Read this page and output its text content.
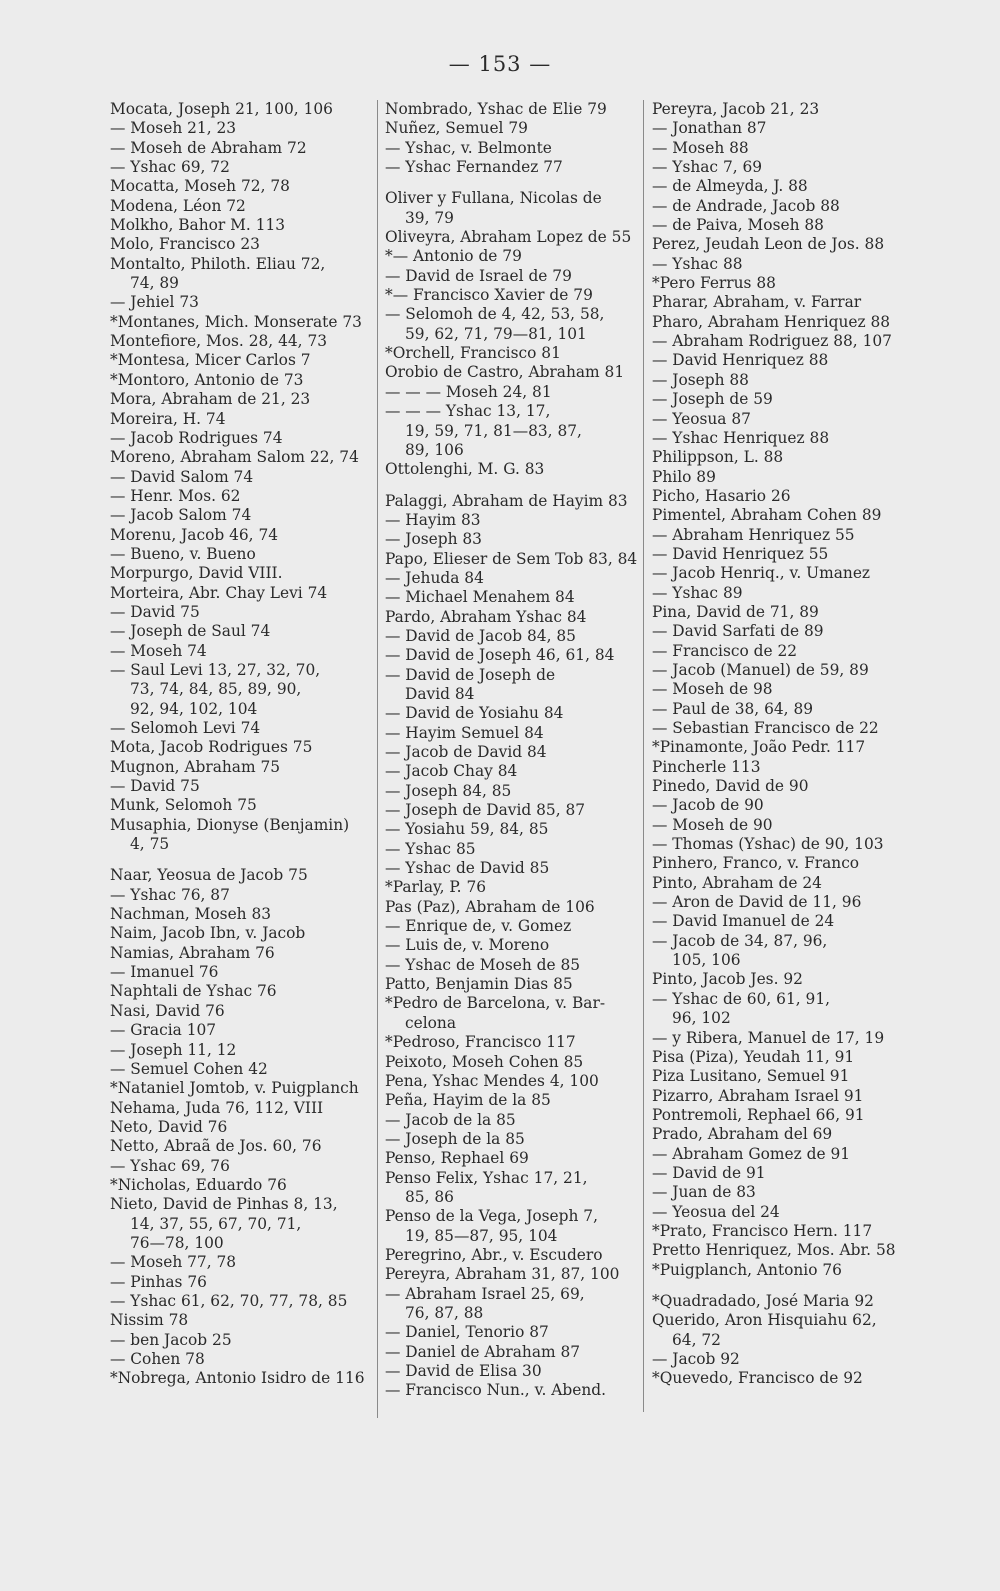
— 153 —
Mocata, Joseph 21, 100, 106
— Moseh 21, 23
— Moseh de Abraham 72
— Yshac 69, 72
Mocatta, Moseh 72, 78
Modena, Léon 72
Molkho, Bahor M. 113
Molo, Francisco 23
Montalto, Philoth. Eliau 72,
74, 89
— Jehiel 73
*Montanes, Mich. Monserate 73
Montefiore, Mos. 28, 44, 73
*Montesa, Micer Carlos 7
*Montoro, Antonio de 73
Mora, Abraham de 21, 23
Moreira, H. 74
— Jacob Rodrigues 74
Moreno, Abraham Salom 22, 74
— David Salom 74
— Henr. Mos. 62
— Jacob Salom 74
Morenu, Jacob 46, 74
— Bueno, v. Bueno
Morpurgo, David VIII.
Morteira, Abr. Chay Levi 74
— David 75
— Joseph de Saul 74
— Moseh 74
— Saul Levi 13, 27, 32, 70,
73, 74, 84, 85, 89, 90,
92, 94, 102, 104
— Selomoh Levi 74
Mota, Jacob Rodrigues 75
Mugnon, Abraham 75
— David 75
Munk, Selomoh 75
Musaphia, Dionyse (Benjamin)
4, 75
Naar, Yeosua de Jacob 75
— Yshac 76, 87
Nachman, Moseh 83
Naim, Jacob Ibn, v. Jacob
Namias, Abraham 76
— Imanuel 76
Naphtali de Yshac 76
Nasi, David 76
— Gracia 107
— Joseph 11, 12
— Semuel Cohen 42
*Nataniel Jomtob, v. Puigplanch
Nehama, Juda 76, 112, VIII
Neto, David 76
Netto, Abraã de Jos. 60, 76
— Yshac 69, 76
*Nicholas, Eduardo 76
Nieto, David de Pinhas 8, 13,
14, 37, 55, 67, 70, 71,
76—78, 100
— Moseh 77, 78
— Pinhas 76
— Yshac 61, 62, 70, 77, 78, 85
Nissim 78
— ben Jacob 25
— Cohen 78
*Nobrega, Antonio Isidro de 116
Nombrado, Yshac de Elie 79
Nuñez, Semuel 79
— Yshac, v. Belmonte
— Yshac Fernandez 77
Oliver y Fullana, Nicolas de
39, 79
Oliveyra, Abraham Lopez de 55
*— Antonio de 79
— David de Israel de 79
*— Francisco Xavier de 79
— Selomoh de 4, 42, 53, 58,
59, 62, 71, 79—81, 101
*Orchell, Francisco 81
Orobio de Castro, Abraham 81
— — — Moseh 24, 81
— — — Yshac 13, 17,
19, 59, 71, 81—83, 87,
89, 106
Ottolenghi, M. G. 83
Palaggi, Abraham de Hayim 83
— Hayim 83
— Joseph 83
Papo, Elieser de Sem Tob 83, 84
— Jehuda 84
— Michael Menahem 84
Pardo, Abraham Yshac 84
— David de Jacob 84, 85
— David de Joseph 46, 61, 84
— David de Joseph de
David 84
— David de Yosiahu 84
— Hayim Semuel 84
— Jacob de David 84
— Jacob Chay 84
— Joseph 84, 85
— Joseph de David 85, 87
— Yosiahu 59, 84, 85
— Yshac 85
— Yshac de David 85
*Parlay, P. 76
Pas (Paz), Abraham de 106
— Enrique de, v. Gomez
— Luis de, v. Moreno
— Yshac de Moseh de 85
Patto, Benjamin Dias 85
*Pedro de Barcelona, v. Bar-
celona
*Pedroso, Francisco 117
Peixoto, Moseh Cohen 85
Pena, Yshac Mendes 4, 100
Peña, Hayim de la 85
— Jacob de la 85
— Joseph de la 85
Penso, Rephael 69
Penso Felix, Yshac 17, 21,
85, 86
Penso de la Vega, Joseph 7,
19, 85—87, 95, 104
Peregrino, Abr., v. Escudero
Pereyra, Abraham 31, 87, 100
— Abraham Israel 25, 69,
76, 87, 88
— Daniel, Tenorio 87
— Daniel de Abraham 87
— David de Elisa 30
— Francisco Nun., v. Abend.
Pereyra, Jacob 21, 23
— Jonathan 87
— Moseh 88
— Yshac 7, 69
— de Almeyda, J. 88
— de Andrade, Jacob 88
— de Paiva, Moseh 88
Perez, Jeudah Leon de Jos. 88
— Yshac 88
*Pero Ferrus 88
Pharar, Abraham, v. Farrar
Pharo, Abraham Henriquez 88
— Abraham Rodriguez 88, 107
— David Henriquez 88
— Joseph 88
— Joseph de 59
— Yeosua 87
— Yshac Henriquez 88
Philippson, L. 88
Philo 89
Picho, Hasario 26
Pimentel, Abraham Cohen 89
— Abraham Henriquez 55
— David Henriquez 55
— Jacob Henriq., v. Umanez
— Yshac 89
Pina, David de 71, 89
— David Sarfati de 89
— Francisco de 22
— Jacob (Manuel) de 59, 89
— Moseh de 98
— Paul de 38, 64, 89
— Sebastian Francisco de 22
*Pinamonte, João Pedr. 117
Pincherle 113
Pinedo, David de 90
— Jacob de 90
— Moseh de 90
— Thomas (Yshac) de 90, 103
Pinhero, Franco, v. Franco
Pinto, Abraham de 24
— Aron de David de 11, 96
— David Imanuel de 24
— Jacob de 34, 87, 96,
105, 106
Pinto, Jacob Jes. 92
— Yshac de 60, 61, 91,
96, 102
— y Ribera, Manuel de 17, 19
Pisa (Piza), Yeudah 11, 91
Piza Lusitano, Semuel 91
Pizarro, Abraham Israel 91
Pontremoli, Rephael 66, 91
Prado, Abraham del 69
— Abraham Gomez de 91
— David de 91
— Juan de 83
— Yeosua del 24
*Prato, Francisco Hern. 117
Pretto Henriquez, Mos. Abr. 58
*Puigplanch, Antonio 76
*Quadradado, José Maria 92
Querido, Aron Hisquiahu 62,
64, 72
— Jacob 92
*Quevedo, Francisco de 92
